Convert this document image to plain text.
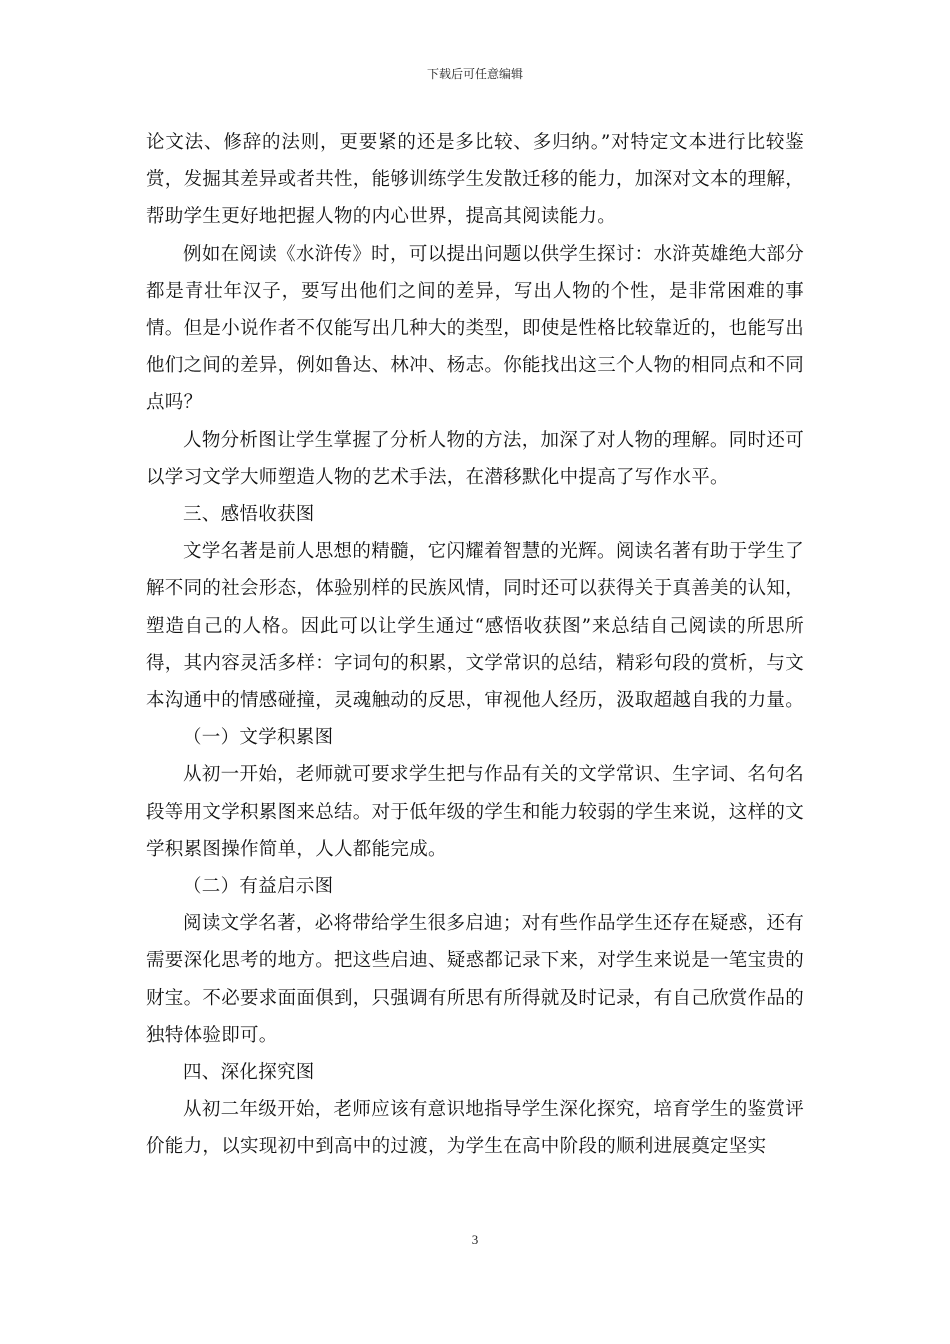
下载后可任意编辑

论文法、修辞的法则，更要紧的还是多比较、多归纳。”对特定文本进行比较鉴赏，发掘其差异或者共性，能够训练学生发散迁移的能力，加深对文本的理解，帮助学生更好地把握人物的内心世界，提高其阅读能力。

例如在阅读《水浒传》时，可以提出问题以供学生探讨：水浒英雄绝大部分都是青壮年汉子，要写出他们之间的差异，写出人物的个性，是非常困难的事情。但是小说作者不仅能写出几种大的类型，即使是性格比较靠近的，也能写出他们之间的差异，例如鲁达、林冲、杨志。你能找出这三个人物的相同点和不同点吗？

人物分析图让学生掌握了分析人物的方法，加深了对人物的理解。同时还可以学习文学大师塑造人物的艺术手法，在潜移默化中提高了写作水平。

三、感悟收获图

文学名著是前人思想的精髓，它闪耀着智慧的光辉。阅读名著有助于学生了解不同的社会形态，体验别样的民族风情，同时还可以获得关于真善美的认知，塑造自己的人格。因此可以让学生通过“感悟收获图”来总结自己阅读的所思所得，其内容灵活多样：字词句的积累，文学常识的总结，精彩句段的赏析，与文本沟通中的情感碰撞，灵魂触动的反思，审视他人经历，汲取超越自我的力量。

（一）文学积累图

从初一开始，老师就可要求学生把与作品有关的文学常识、生字词、名句名段等用文学积累图来总结。对于低年级的学生和能力较弱的学生来说，这样的文学积累图操作简单，人人都能完成。

（二）有益启示图

阅读文学名著，必将带给学生很多启迪；对有些作品学生还存在疑惑，还有需要深化思考的地方。把这些启迪、疑惑都记录下来，对学生来说是一笔宝贵的财宝。不必要求面面俱到，只强调有所思有所得就及时记录，有自己欣赏作品的独特体验即可。

四、深化探究图

从初二年级开始，老师应该有意识地指导学生深化探究，培育学生的鉴赏评价能力，以实现初中到高中的过渡，为学生在高中阶段的顺利进展奠定坚实

3
